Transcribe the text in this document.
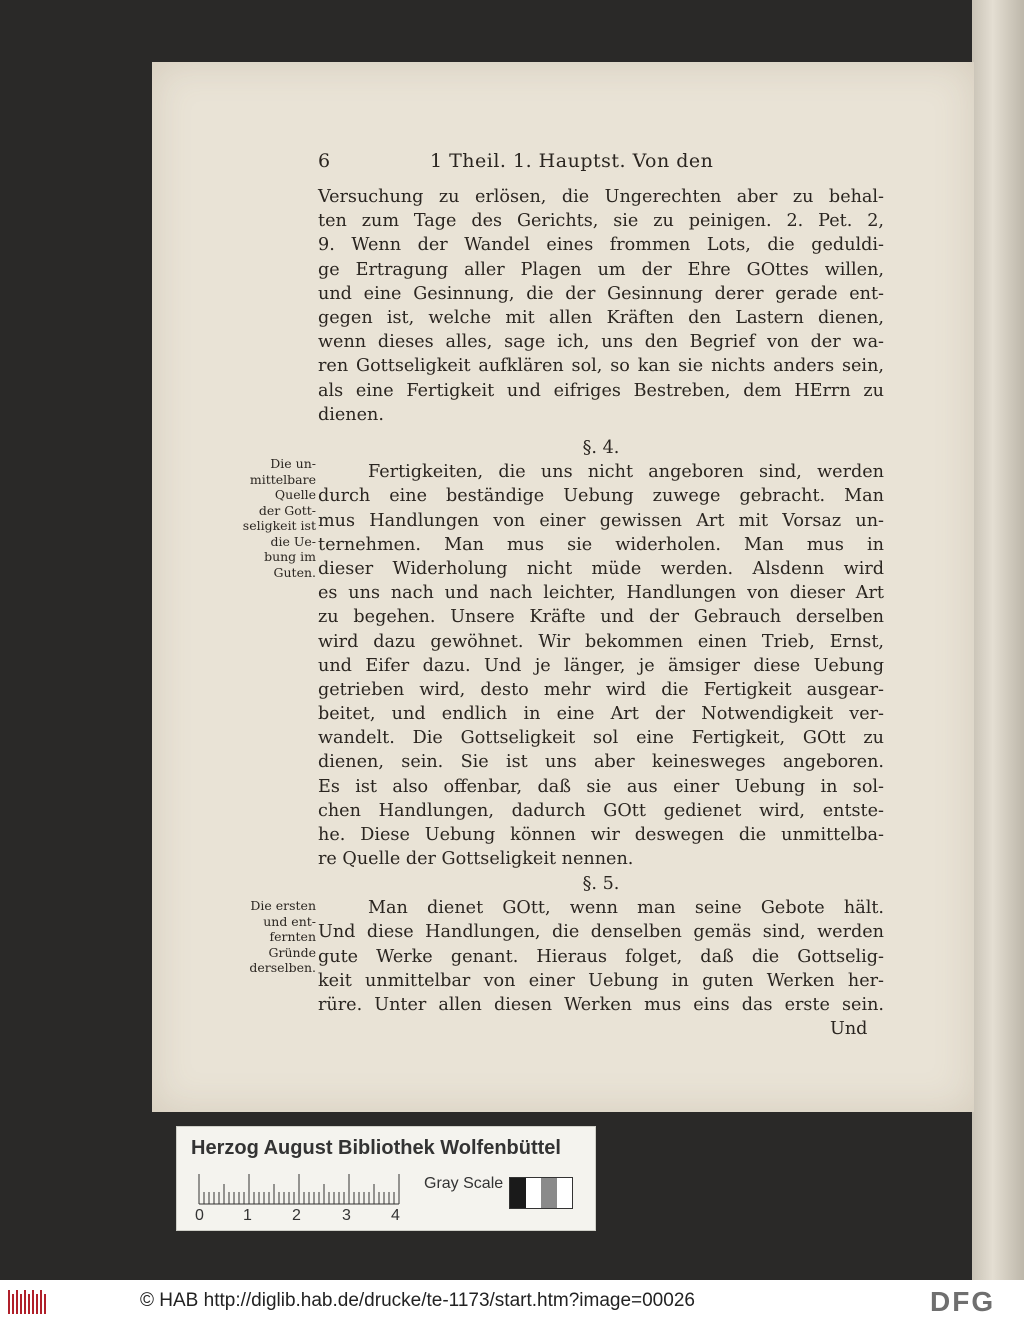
6	1 Theil. 1. Hauptst. Von den
Versuchung zu erlösen, die Ungerechten aber zu behal-
ten zum Tage des Gerichts, sie zu peinigen. 2. Pet. 2,
9. Wenn der Wandel eines frommen Lots, die geduldi-
ge Ertragung aller Plagen um der Ehre GOttes willen,
und eine Gesinnung, die der Gesinnung derer gerade ent-
gegen ist, welche mit allen Kräften den Lastern dienen,
wenn dieses alles, sage ich, uns den Begrief von der wa-
ren Gottseligkeit aufklären sol, so kan sie nichts anders sein,
als eine Fertigkeit und eifriges Bestreben, dem HErrn zu
dienen.
§. 4.
Fertigkeiten, die uns nicht angeboren sind, werden
durch eine beständige Uebung zuwege gebracht. Man
mus Handlungen von einer gewissen Art mit Vorsaz un-
ternehmen. Man mus sie widerholen. Man mus in
dieser Widerholung nicht müde werden. Alsdenn wird
es uns nach und nach leichter, Handlungen von dieser Art
zu begehen. Unsere Kräfte und der Gebrauch derselben
wird dazu gewöhnet. Wir bekommen einen Trieb, Ernst,
und Eifer dazu. Und je länger, je ämsiger diese Uebung
getrieben wird, desto mehr wird die Fertigkeit ausgear-
beitet, und endlich in eine Art der Notwendigkeit ver-
wandelt. Die Gottseligkeit sol eine Fertigkeit, GOtt zu
dienen, sein. Sie ist uns aber keinesweges angeboren.
Es ist also offenbar, daß sie aus einer Uebung in sol-
chen Handlungen, dadurch GOtt gedienet wird, entste-
he. Diese Uebung können wir deswegen die unmittelba-
re Quelle der Gottseligkeit nennen.
§. 5.
Man dienet GOtt, wenn man seine Gebote hält.
Und diese Handlungen, die denselben gemäs sind, werden
gute Werke genant. Hieraus folget, daß die Gottselig-
keit unmittelbar von einer Uebung in guten Werken her-
rüre. Unter allen diesen Werken mus eins das erste sein.
Und
Die un-
mittelbare
Quelle
der Gott-
seligkeit ist
die Ue-
bung im
Guten.
Die ersten
und ent-
fernten
Gründe
derselben.
Herzog August Bibliothek Wolfenbüttel
0 1	2	3	4
Gray Scale
© HAB http://diglib.hab.de/drucke/te-1173/start.htm?image=00026	DFG
